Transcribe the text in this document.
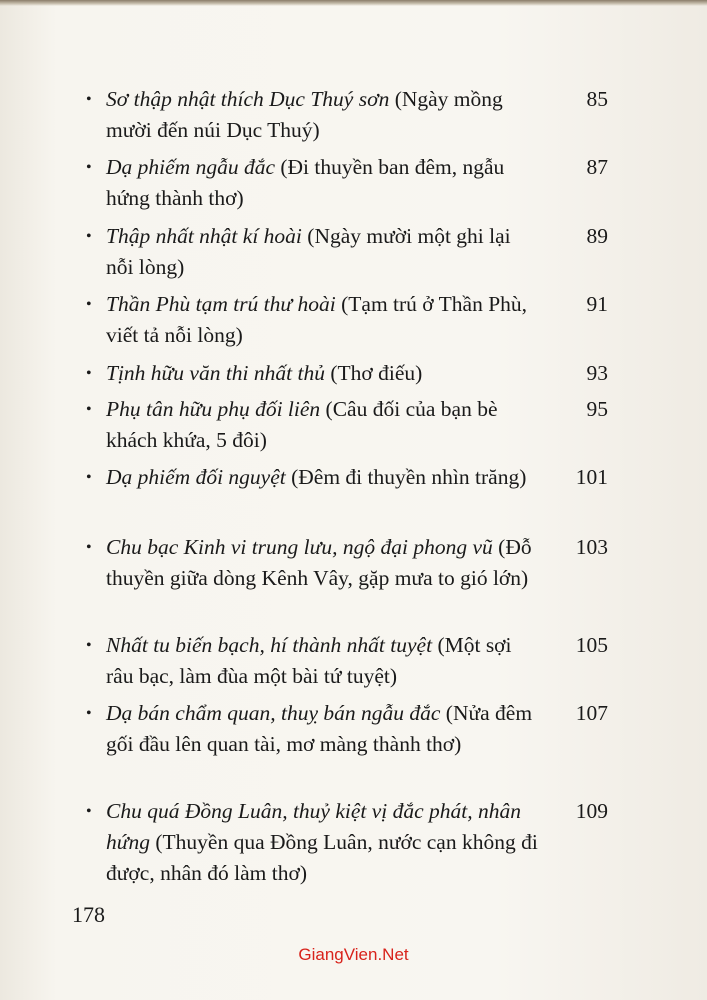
• Sơ thập nhật thích Dục Thuý sơn (Ngày mồng mười đến núi Dục Thuý)
85
• Dạ phiếm ngẫu đắc (Đi thuyền ban đêm, ngẫu hứng thành thơ)
87
• Thập nhất nhật kí hoài (Ngày mười một ghi lại nỗi lòng)
89
• Thần Phù tạm trú thư hoài (Tạm trú ở Thần Phù, viết tả nỗi lòng)
91
• Tịnh hữu văn thi nhất thủ (Thơ điếu)	93
• Phụ tân hữu phụ đối liên (Câu đối của bạn bè khách khứa, 5 đôi)
95
• Dạ phiếm đối nguyệt (Đêm đi thuyền nhìn trăng)	101
• Chu bạc Kinh vi trung lưu, ngộ đại phong vũ (Đỗ thuyền giữa dòng Kênh Vây, gặp mưa to gió lớn)
103
• Nhất tu biến bạch, hí thành nhất tuyệt (Một sợi râu bạc, làm đùa một bài tứ tuyệt)
105
• Dạ bán chẩm quan, thuỵ bán ngẫu đắc (Nửa đêm gối đầu lên quan tài, mơ màng thành thơ)
107
• Chu quá Đồng Luân, thuỷ kiệt vị đắc phát, nhân hứng (Thuyền qua Đồng Luân, nước cạn không đi được, nhân đó làm thơ)
109
178
GiangVien.Net
